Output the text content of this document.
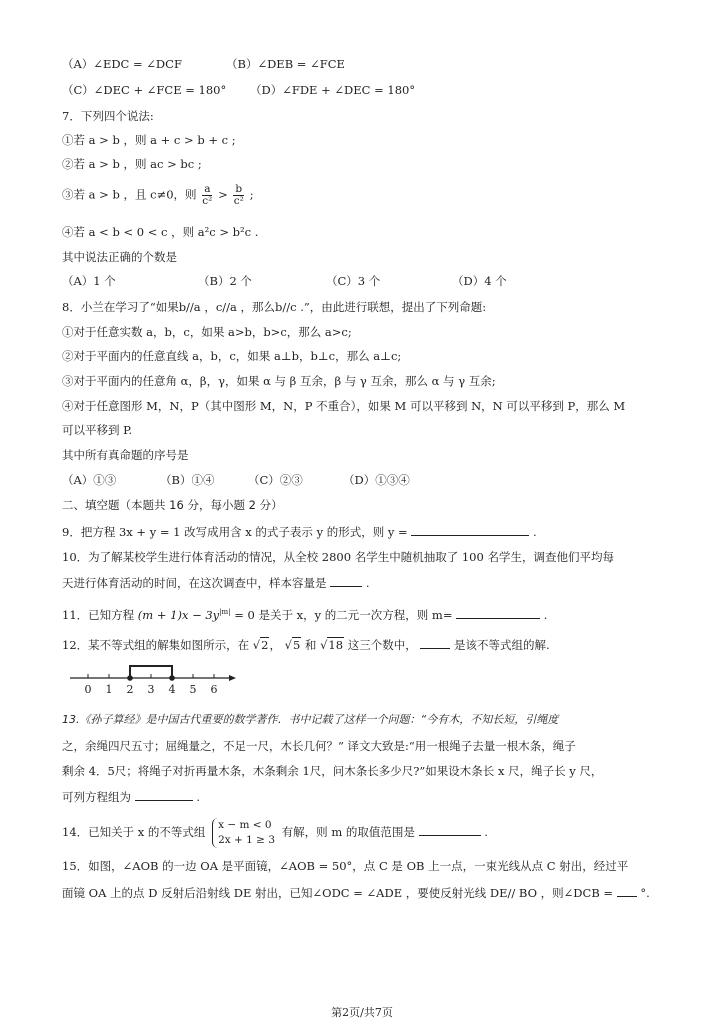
（A）∠EDC = ∠DCF	（B）∠DEB = ∠FCE
（C）∠DEC + ∠FCE = 180° （D）∠FDE + ∠DEC = 180°
7．下列四个说法:
①若 a > b ，则 a + c > b + c ;
②若 a > b ，则 ac > bc ;
③若 a > b ，且 c≠0，则 $\frac{a}{\text{c²}} > \frac{b}{\text{c²}}$ ;
④若 a < b < 0 < c ，则 a²c > b²c .
其中说法正确的个数是
（A）1 个	（B）2 个	（C）3 个	（D）4 个
8．小兰在学习了“如果b//a ，c//a ，那么b//c .”，由此进行联想，提出了下列命题:
①对于任意实数 a，b，c，如果 a>b，b>c，那么 a>c;
②对于平面内的任意直线 a，b，c，如果 a⊥b，b⊥c，那么 a⊥c;
③对于平面内的任意角 α，β，γ，如果 α 与 β 互余，β 与 γ 互余，那么 α 与 γ 互余;
④对于任意图形 M，N，P（其中图形 M，N，P 不重合），如果 M 可以平移到 N，N 可以平移到 P，那么 M
可以平移到 P.
其中所有真命题的序号是
（A）①③	（B）①④	（C）②③	（D）①③④
二、填空题（本题共 16 分，每小题 2 分）
9．把方程 3x + y = 1 改写成用含 x 的式子表示 y 的形式，则 y =	.
10．为了解某校学生进行体育活动的情况，从全校 2800 名学生中随机抽取了 100 名学生，调查他们平均每
天进行体育活动的时间，在这次调查中，样本容量是	.
11．已知方程 $(m + 1)x - 3y^{|m|} = 0$ 是关于 x，y 的二元一次方程，则 m=	.
12．某不等式组的解集如图所示，在 √2， √5 和 √18 这三个数中，	是该不等式组的解.
0 1 2 3 4 5 6
13.《孙子算经》是中国古代重要的数学著作．书中记载了这样一个问题：“今有木，不知长短，引绳度
之，余绳四尺五寸；屈绳量之，不足一尺，木长几何？” 译文大致是:“用一根绳子去量一根木条，绳子
剩余 4．5尺；将绳子对折再量木条，木条剩余 1尺，问木条长多少尺?”如果设木条长 x 尺，绳子长 y 尺，
可列方程组为	.
14．已知关于 x 的不等式组 x − m < 0
2x + 1 ≥ 3
有解，则 m 的取值范围是	.
15．如图，∠AOB 的一边 OA 是平面镜，∠AOB = 50°，点 C 是 OB 上一点，一束光线从点 C 射出，经过平
面镜 OA 上的点 D 反射后沿射线 DE 射出，已知∠ODC = ∠ADE ，要使反射光线 DE// BO ，则∠DCB = °.
第2页/共7页
